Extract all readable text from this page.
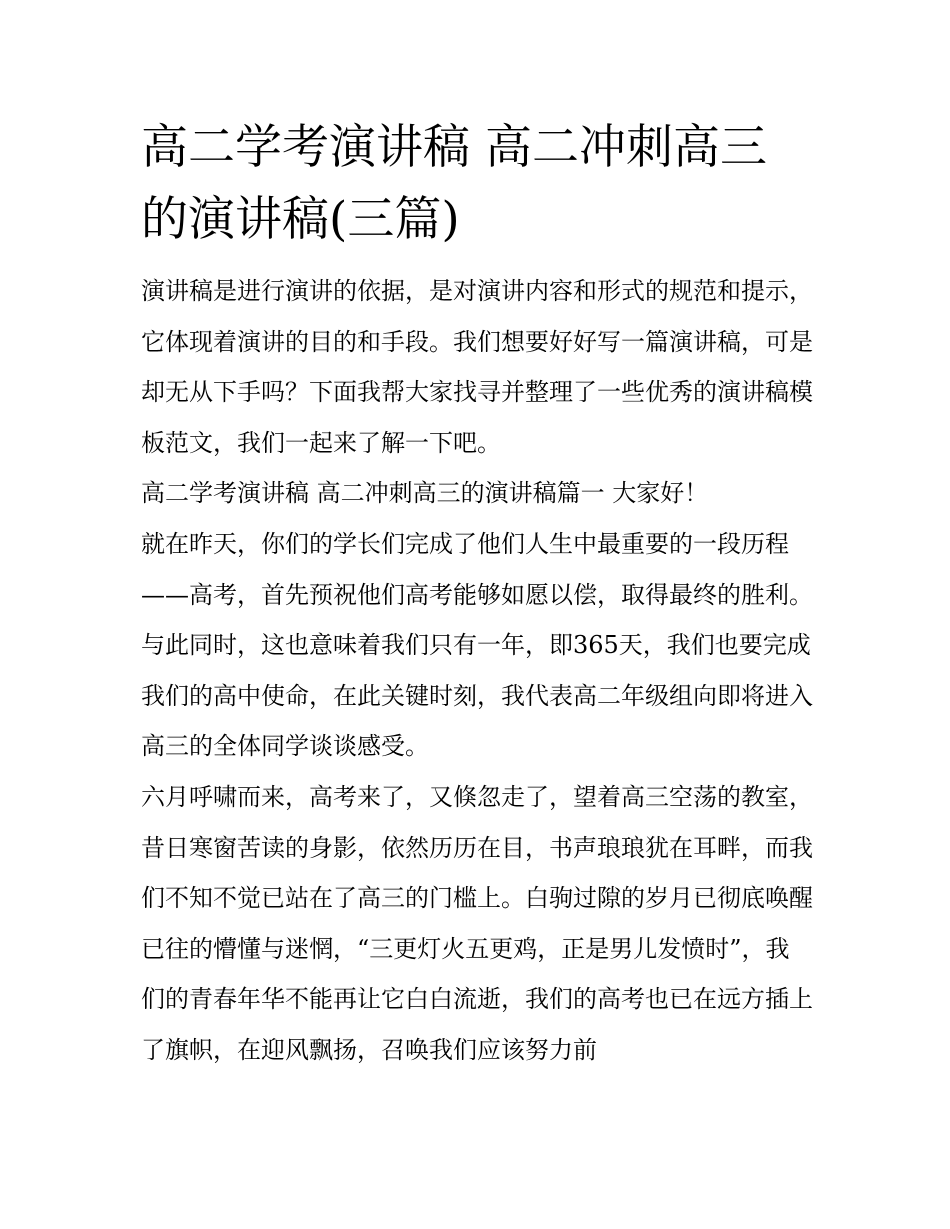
高二学考演讲稿 高二冲刺高三的演讲稿(三篇)

演讲稿是进行演讲的依据，是对演讲内容和形式的规范和提示，它体现着演讲的目的和手段。我们想要好好写一篇演讲稿，可是却无从下手吗？下面我帮大家找寻并整理了一些优秀的演讲稿模板范文，我们一起来了解一下吧。

高二学考演讲稿 高二冲刺高三的演讲稿篇一 大家好！

就在昨天，你们的学长们完成了他们人生中最重要的一段历程——高考，首先预祝他们高考能够如愿以偿，取得最终的胜利。与此同时，这也意味着我们只有一年，即365天，我们也要完成我们的高中使命，在此关键时刻，我代表高二年级组向即将进入高三的全体同学谈谈感受。

六月呼啸而来，高考来了，又倏忽走了，望着高三空荡的教室，昔日寒窗苦读的身影，依然历历在目，书声琅琅犹在耳畔，而我们不知不觉已站在了高三的门槛上。白驹过隙的岁月已彻底唤醒已往的懵懂与迷惘，“三更灯火五更鸡，正是男儿发愤时”，我们的青春年华不能再让它白白流逝，我们的高考也已在远方插上了旗帜，在迎风飘扬，召唤我们应该努力前
